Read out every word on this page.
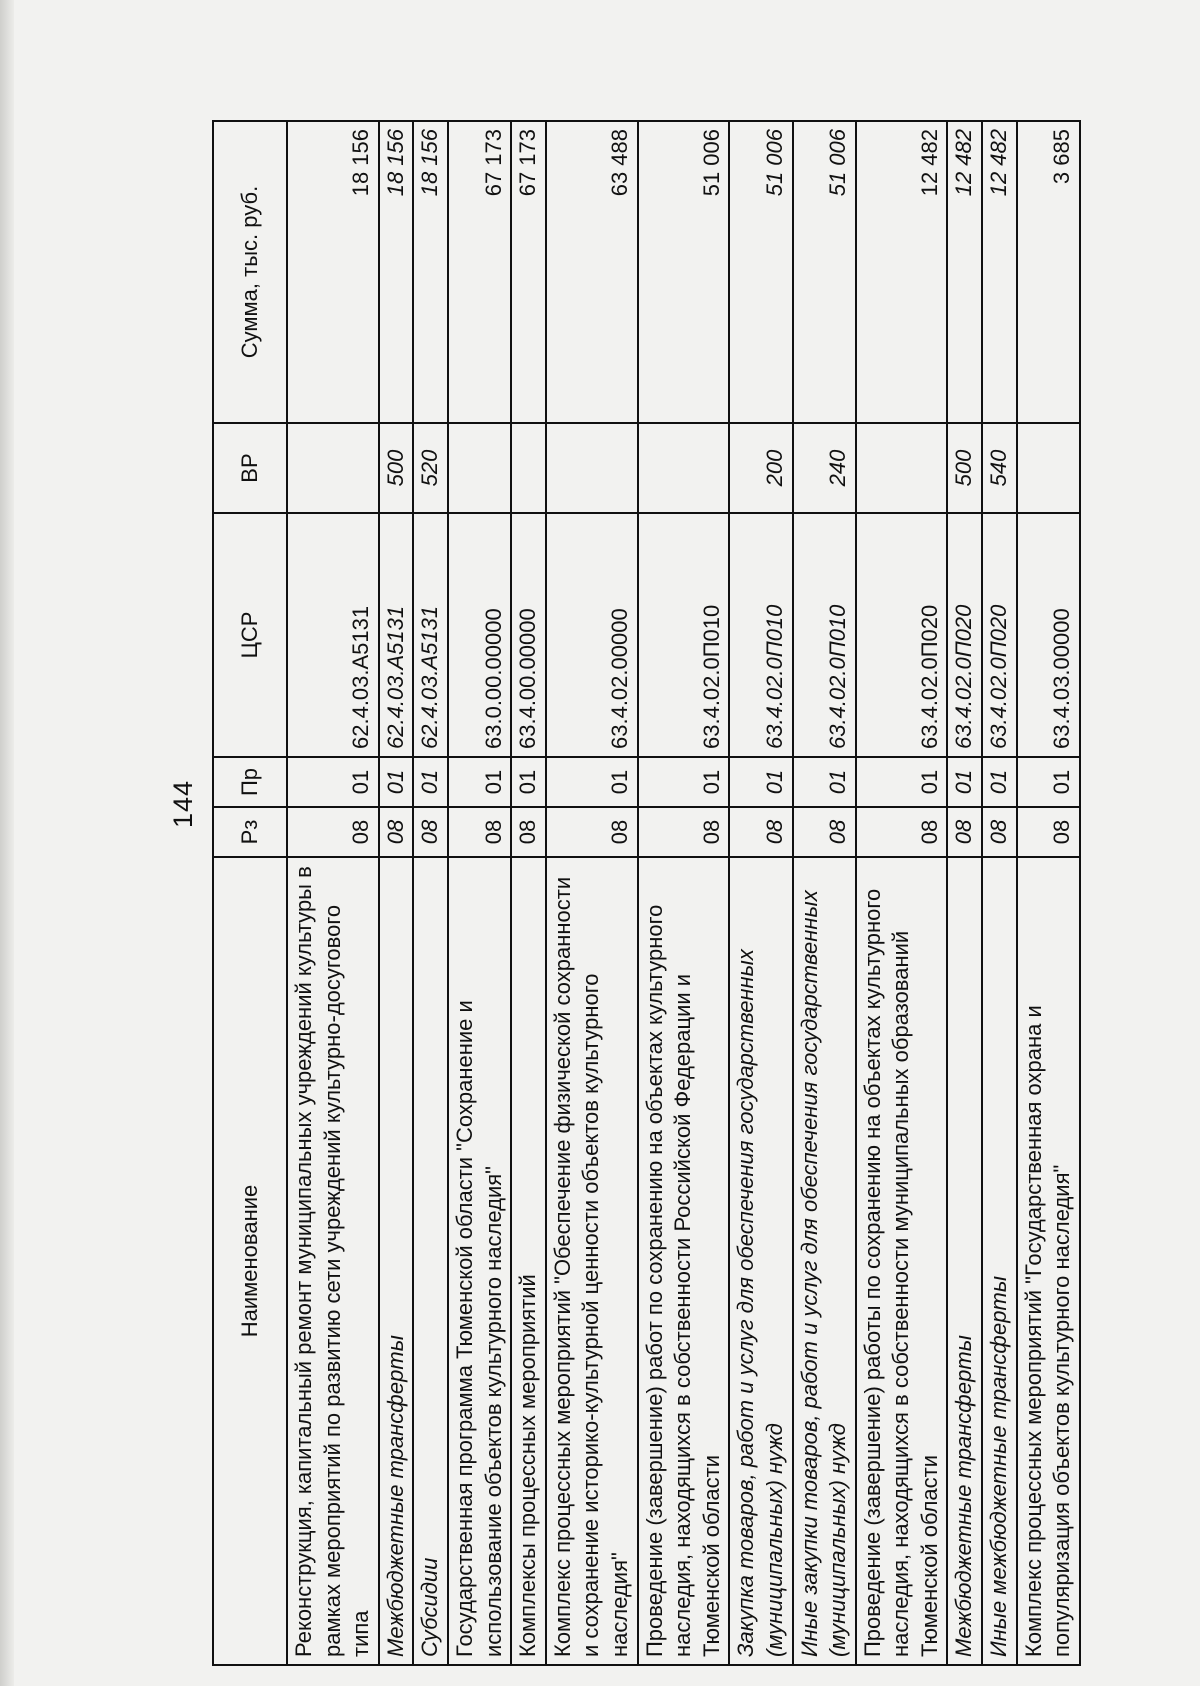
144
Наименование	Рз	Пр	ЦСР	ВР	Сумма, тыс. руб.
Реконструкция, капитальный ремонт муниципальных учреждений культуры в рамках мероприятий по развитию сети учреждений культурно-досугового типа	08	01	62.4.03.А5131		18 156
Межбюджетные трансферты	08	01	62.4.03.А5131	500	18 156
Субсидии	08	01	62.4.03.А5131	520	18 156
Государственная программа Тюменской области "Сохранение и использование объектов культурного наследия"	08	01	63.0.00.00000		67 173
Комплексы процессных мероприятий	08	01	63.4.00.00000		67 173
Комплекс процессных мероприятий "Обеспечение физической сохранности и сохранение историко-культурной ценности объектов культурного наследия"	08	01	63.4.02.00000		63 488
Проведение (завершение) работ по сохранению на объектах культурного наследия, находящихся в собственности Российской Федерации и Тюменской области	08	01	63.4.02.0П010		51 006
Закупка товаров, работ и услуг для обеспечения государственных (муниципальных) нужд	08	01	63.4.02.0П010	200	51 006
Иные закупки товаров, работ и услуг для обеспечения государственных (муниципальных) нужд	08	01	63.4.02.0П010	240	51 006
Проведение (завершение) работы по сохранению на объектах культурного наследия, находящихся в собственности муниципальных образований Тюменской области	08	01	63.4.02.0П020		12 482
Межбюджетные трансферты	08	01	63.4.02.0П020	500	12 482
Иные межбюджетные трансферты	08	01	63.4.02.0П020	540	12 482
Комплекс процессных мероприятий "Государственная охрана и популяризация объектов культурного наследия"	08	01	63.4.03.00000		3 685
